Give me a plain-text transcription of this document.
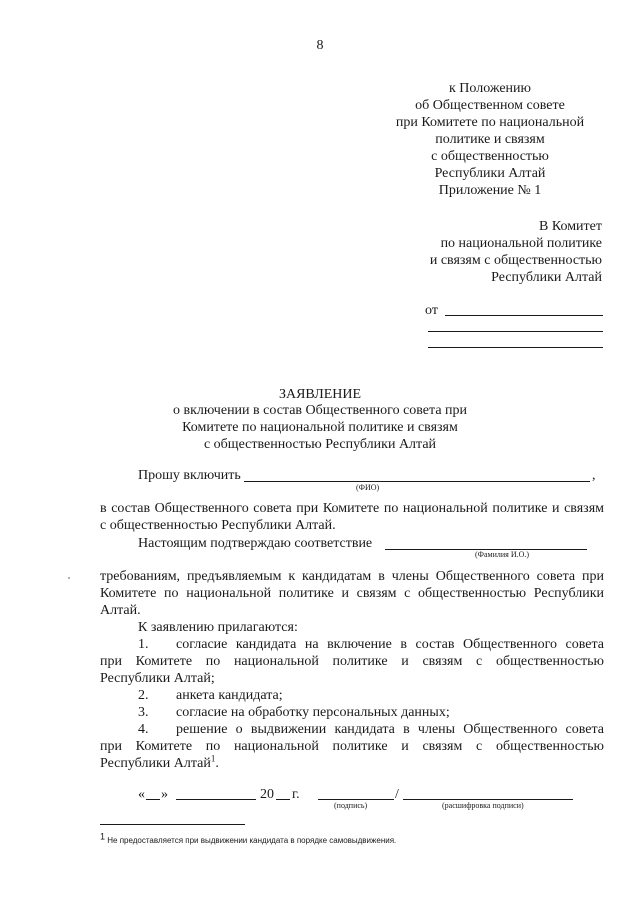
8
к Положению
об Общественном совете
при Комитете по национальной
политике и связям
с общественностью
Республики Алтай
Приложение № 1
В Комитет
по национальной политике
и связям с общественностью
Республики Алтай
от
ЗАЯВЛЕНИЕ
о включении в состав Общественного совета при
Комитете по национальной политике и связям
с общественностью Республики Алтай
Прошу включить	,
(ФИО)
в состав Общественного совета при Комитете по национальной политике и связям
с общественностью Республики Алтай.
Настоящим подтверждаю соответствие
(Фамилия И.О.)
требованиям, предъявляемым к кандидатам в члены Общественного совета при
Комитете по национальной политике и связям с общественностью Республики
Алтай.
К заявлению прилагаются:
1. согласие кандидата на включение в состав Общественного совета
при Комитете по национальной политике и связям с общественностью
Республики Алтай;
2. анкета кандидата;
3. согласие на обработку персональных данных;
4. решение о выдвижении кандидата в члены Общественного совета
при Комитете по национальной политике и связям с общественностью
Республики Алтай$^1$.
« »	20 г.	/
(подпись)	(расшифровка подписи)
$^1$ Не предоставляется при выдвижении кандидата в порядке самовыдвижения.
